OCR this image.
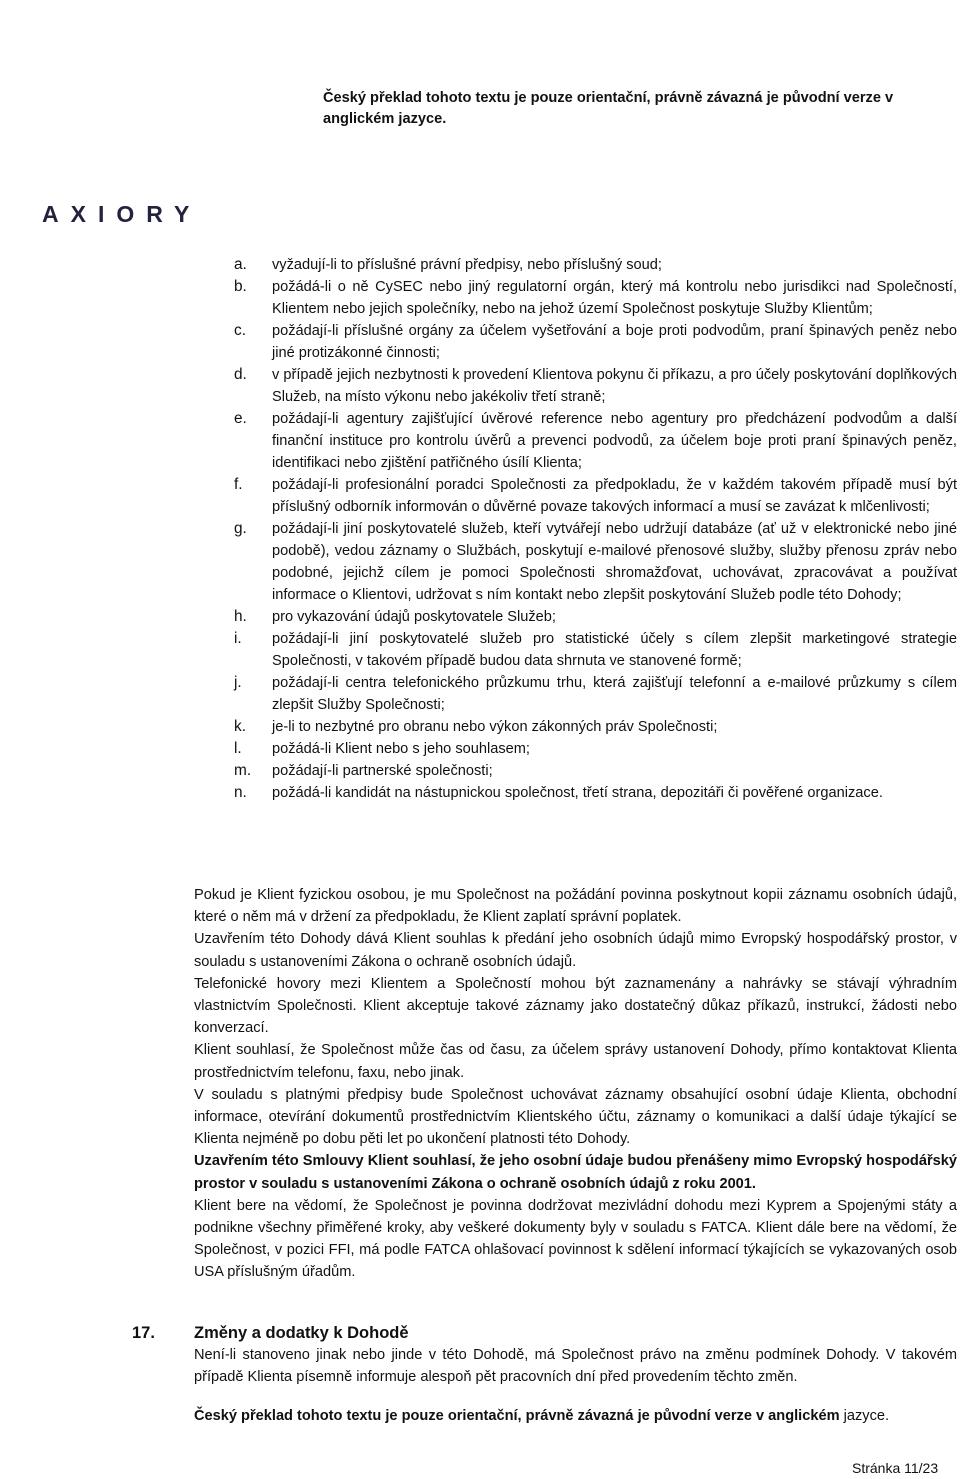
Český překlad tohoto textu je pouze orientační, právně závazná je původní verze v anglickém jazyce.
AXIORY
a.	vyžadují-li to příslušné právní předpisy, nebo příslušný soud;
b.	požádá-li o ně CySEC nebo jiný regulatorní orgán, který má kontrolu nebo jurisdikci nad Společností, Klientem nebo jejich společníky, nebo na jehož území Společnost poskytuje Služby Klientům;
c.	požádají-li příslušné orgány za účelem vyšetřování a boje proti podvodům, praní špinavých peněz nebo jiné protizákonné činnosti;
d.	v případě jejich nezbytnosti k provedení Klientova pokynu či příkazu, a pro účely poskytování doplňkových Služeb, na místo výkonu nebo jakékoliv třetí straně;
e.	požádají-li agentury zajišťující úvěrové reference nebo agentury pro předcházení podvodům a další finanční instituce pro kontrolu úvěrů a prevenci podvodů, za účelem boje proti praní špinavých peněz, identifikaci nebo zjištění patřičného úsílí Klienta;
f.	požádají-li profesionální poradci Společnosti za předpokladu, že v každém takovém případě musí být příslušný odborník informován o důvěrné povaze takových informací a musí se zavázat k mlčenlivosti;
g.	požádají-li jiní poskytovatelé služeb, kteří vytvářejí nebo udržují databáze (ať už v elektronické nebo jiné podobě), vedou záznamy o Službách, poskytují e-mailové přenosové služby, služby přenosu zpráv nebo podobné, jejichž cílem je pomoci Společnosti shromažďovat, uchovávat, zpracovávat a používat informace o Klientovi, udržovat s ním kontakt nebo zlepšit poskytování Služeb podle této Dohody;
h.	pro vykazování údajů poskytovatele Služeb;
i.	požádají-li jiní poskytovatelé služeb pro statistické účely s cílem zlepšit marketingové strategie Společnosti, v takovém případě budou data shrnuta ve stanovené formě;
j.	požádají-li centra telefonického průzkumu trhu, která zajišťují telefonní a e-mailové průzkumy s cílem zlepšit Služby Společnosti;
k.	je-li to nezbytné pro obranu nebo výkon zákonných práv Společnosti;
l.	požádá-li Klient nebo s jeho souhlasem;
m.	požádají-li partnerské společnosti;
n.	požádá-li kandidát na nástupnickou společnost, třetí strana, depozitáři či pověřené organizace.

Pokud je Klient fyzickou osobou, je mu Společnost na požádání povinna poskytnout kopii záznamu osobních údajů, které o něm má v držení za předpokladu, že Klient zaplatí správní poplatek.

Uzavřením této Dohody dává Klient souhlas k předání jeho osobních údajů mimo Evropský hospodářský prostor, v souladu s ustanoveními Zákona o ochraně osobních údajů.

Telefonické hovory mezi Klientem a Společností mohou být zaznamenány a nahrávky se stávají výhradním vlastnictvím Společnosti. Klient akceptuje takové záznamy jako dostatečný důkaz příkazů, instrukcí, žádosti nebo konverzací.

Klient souhlasí, že Společnost může čas od času, za účelem správy ustanovení Dohody, přímo kontaktovat Klienta prostřednictvím telefonu, faxu, nebo jinak.

V souladu s platnými předpisy bude Společnost uchovávat záznamy obsahující osobní údaje Klienta, obchodní informace, otevírání dokumentů prostřednictvím Klientského účtu, záznamy o komunikaci a další údaje týkající se Klienta nejméně po dobu pěti let po ukončení platnosti této Dohody.

Uzavřením této Smlouvy Klient souhlasí, že jeho osobní údaje budou přenášeny mimo Evropský hospodářský prostor v souladu s ustanoveními Zákona o ochraně osobních údajů z roku 2001.

Klient bere na vědomí, že Společnost je povinna dodržovat mezivládní dohodu mezi Kyprem a Spojenými státy a podnikne všechny přiměřené kroky, aby veškeré dokumenty byly v souladu s FATCA. Klient dále bere na vědomí, že Společnost, v pozici FFI, má podle FATCA ohlašovací povinnost k sdělení informací týkajících se vykazovaných osob USA příslušným úřadům.

17.	Změny a dodatky k Dohodě
Není-li stanoveno jinak nebo jinde v této Dohodě, má Společnost právo na změnu podmínek Dohody. V takovém případě Klienta písemně informuje alespoň pět pracovních dní před provedením těchto změn.
Český překlad tohoto textu je pouze orientační, právně závazná je původní verze v anglickém jazyce.
Stránka 11/23
